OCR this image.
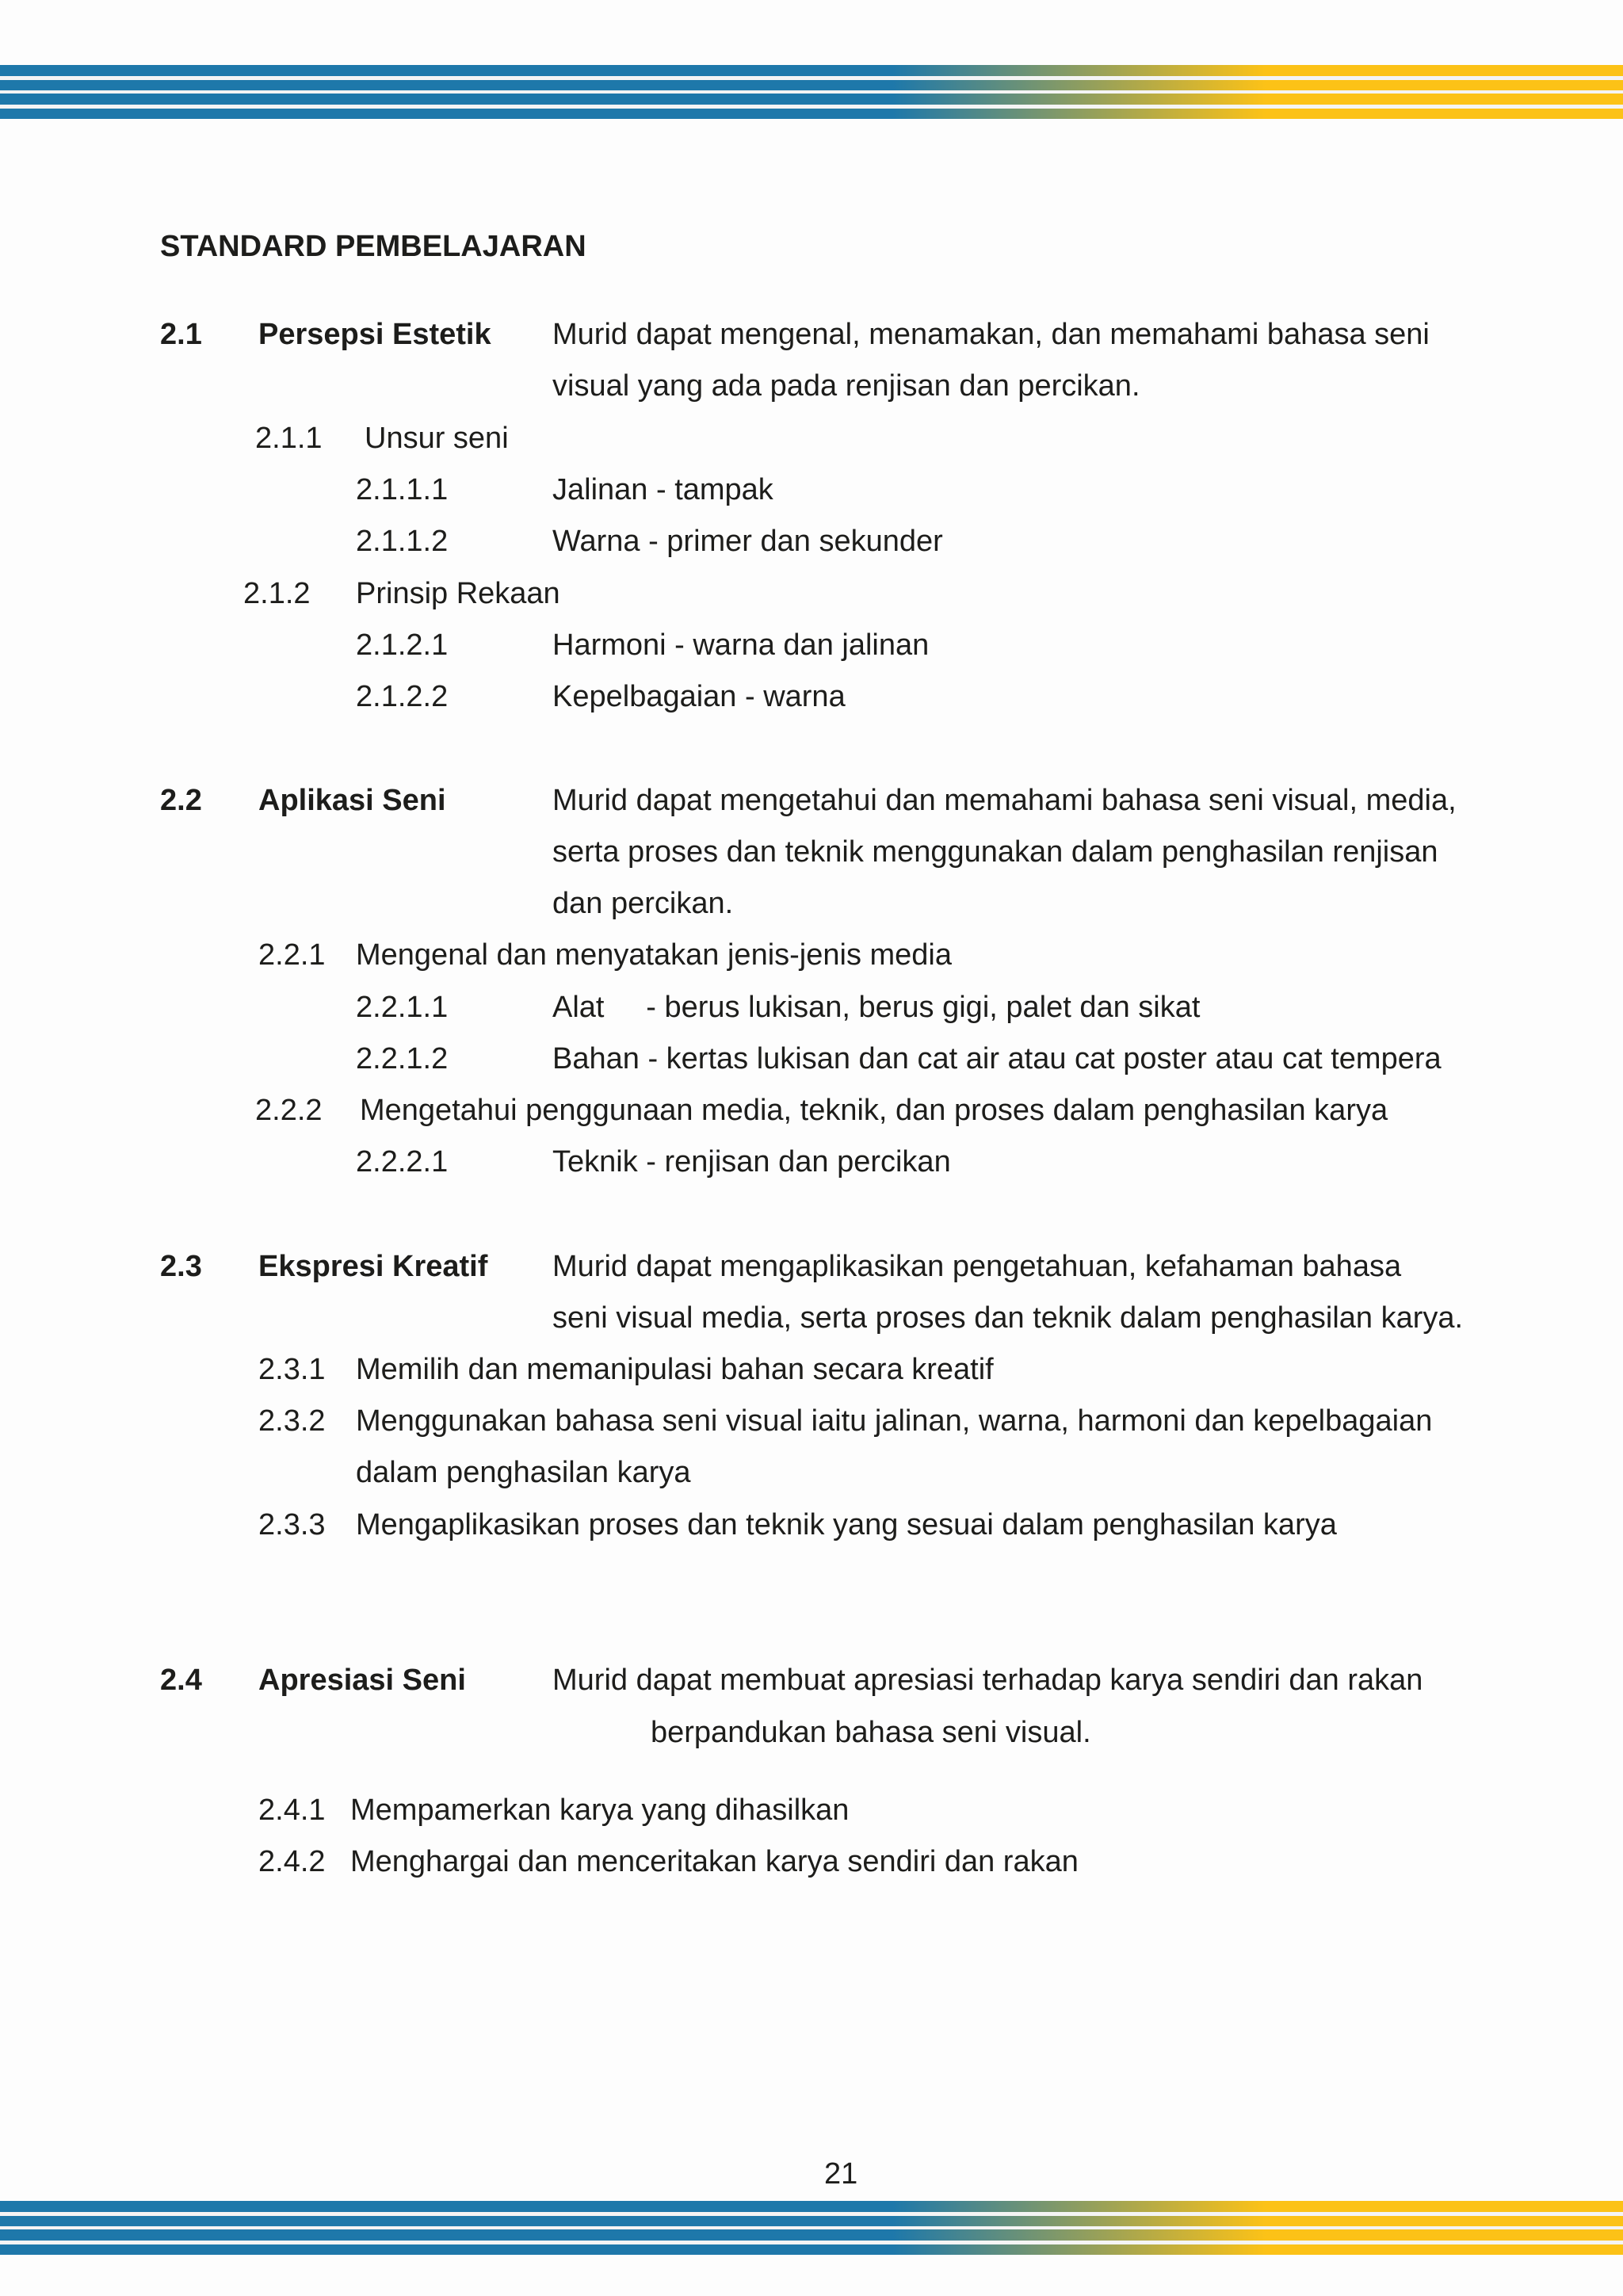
STANDARD PEMBELAJARAN
2.1 Persepsi Estetik Murid dapat mengenal, menamakan, dan memahami bahasa seni
visual yang ada pada renjisan dan percikan.
2.1.1 Unsur seni
2.1.1.1	Jalinan - tampak
2.1.1.2	Warna - primer dan sekunder
2.1.2 Prinsip Rekaan
2.1.2.1	Harmoni - warna dan jalinan
2.1.2.2	Kepelbagaian - warna
2.2 Aplikasi Seni	Murid dapat mengetahui dan memahami bahasa seni visual, media,
serta proses dan teknik menggunakan dalam penghasilan renjisan
dan percikan.
2.2.1 Mengenal dan menyatakan jenis-jenis media
2.2.1.1	Alat     - berus lukisan, berus gigi, palet dan sikat
2.2.1.2	Bahan - kertas lukisan dan cat air atau cat poster atau cat tempera
2.2.2 Mengetahui penggunaan media, teknik, dan proses dalam penghasilan karya
2.2.2.1	Teknik - renjisan dan percikan
2.3 Ekspresi Kreatif Murid dapat mengaplikasikan pengetahuan, kefahaman bahasa
seni visual media, serta proses dan teknik dalam penghasilan karya.
2.3.1 Memilih dan memanipulasi bahan secara kreatif
2.3.2 Menggunakan bahasa seni visual iaitu jalinan, warna, harmoni dan kepelbagaian
dalam penghasilan karya
2.3.3 Mengaplikasikan proses dan teknik yang sesuai dalam penghasilan karya
2.4 Apresiasi Seni	Murid dapat membuat apresiasi terhadap karya sendiri dan rakan
berpandukan bahasa seni visual.
2.4.1 Mempamerkan karya yang dihasilkan
2.4.2 Menghargai dan menceritakan karya sendiri dan rakan
21
